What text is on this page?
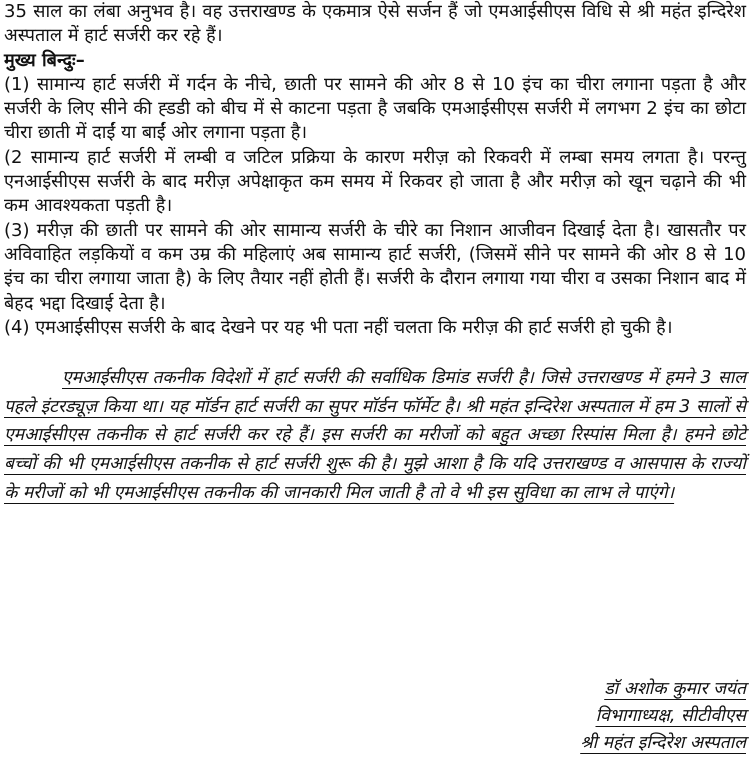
35 साल का लंबा अनुभव है। वह उत्तराखण्ड के एकमात्र ऐसे सर्जन हैं जो एमआईसीएस विधि से श्री महंत इन्दिरेश अस्पताल में हार्ट सर्जरी कर रहे हैं।

मुख्य बिन्दुः–

(1) सामान्य हार्ट सर्जरी में गर्दन के नीचे, छाती पर सामने की ओर 8 से 10 इंच का चीरा लगाना पड़ता है और सर्जरी के लिए सीने की ह्डडी को बीच में से काटना पड़ता है जबकि एमआईसीएस सर्जरी में लगभग 2 इंच का छोटा चीरा छाती में दाईं या बाईं ओर लगाना पड़ता है।

(2 सामान्य हार्ट सर्जरी में लम्बी व जटिल प्रक्रिया के कारण मरीज़ को रिकवरी में लम्बा समय लगता है। परन्तु एनआईसीएस सर्जरी के बाद मरीज़ अपेक्षाकृत कम समय में रिकवर हो जाता है और मरीज़ को खून चढ़ाने की भी कम आवश्यकता पड़ती है।

(3) मरीज़ की छाती पर सामने की ओर सामान्य सर्जरी के चीरे का निशान आजीवन दिखाई देता है। खासतौर पर अविवाहित लड़कियों व कम उम्र की महिलाएं अब सामान्य हार्ट सर्जरी, (जिसमें सीने पर सामने की ओर 8 से 10 इंच का चीरा लगाया जाता है) के लिए तैयार नहीं होती हैं। सर्जरी के दौरान लगाया गया चीरा व उसका निशान बाद में बेहद भद्दा दिखाई देता है।

(4) एमआईसीएस सर्जरी के बाद देखने पर यह भी पता नहीं चलता कि मरीज़ की हार्ट सर्जरी हो चुकी है।

एमआईसीएस तकनीक विदेशों में हार्ट सर्जरी की सर्वाधिक डिमांड सर्जरी है। जिसे उत्तराखण्ड में हमने 3 साल पहले इंटरड्यूज़ किया था। यह मॉर्डन हार्ट सर्जरी का सुपर मॉर्डन फॉर्मेट है। श्री महंत इन्दिरेश अस्पताल में हम 3 सालों से एमआईसीएस तकनीक से हार्ट सर्जरी कर रहे हैं। इस सर्जरी का मरीजों को बहुत अच्छा रिस्पांस मिला है। हमने छोटे बच्चों की भी एमआईसीएस तकनीक से हार्ट सर्जरी शुरू की है। मुझे आशा है कि यदि उत्तराखण्ड व आसपास के राज्यों के मरीजों को भी एमआईसीएस तकनीक की जानकारी मिल जाती है तो वे भी इस सुविधा का लाभ ले पाएंगे।
डॉ अशोक कुमार जयंत
विभागाध्यक्ष, सीटीवीएस
श्री महंत इन्दिरेश अस्पताल
